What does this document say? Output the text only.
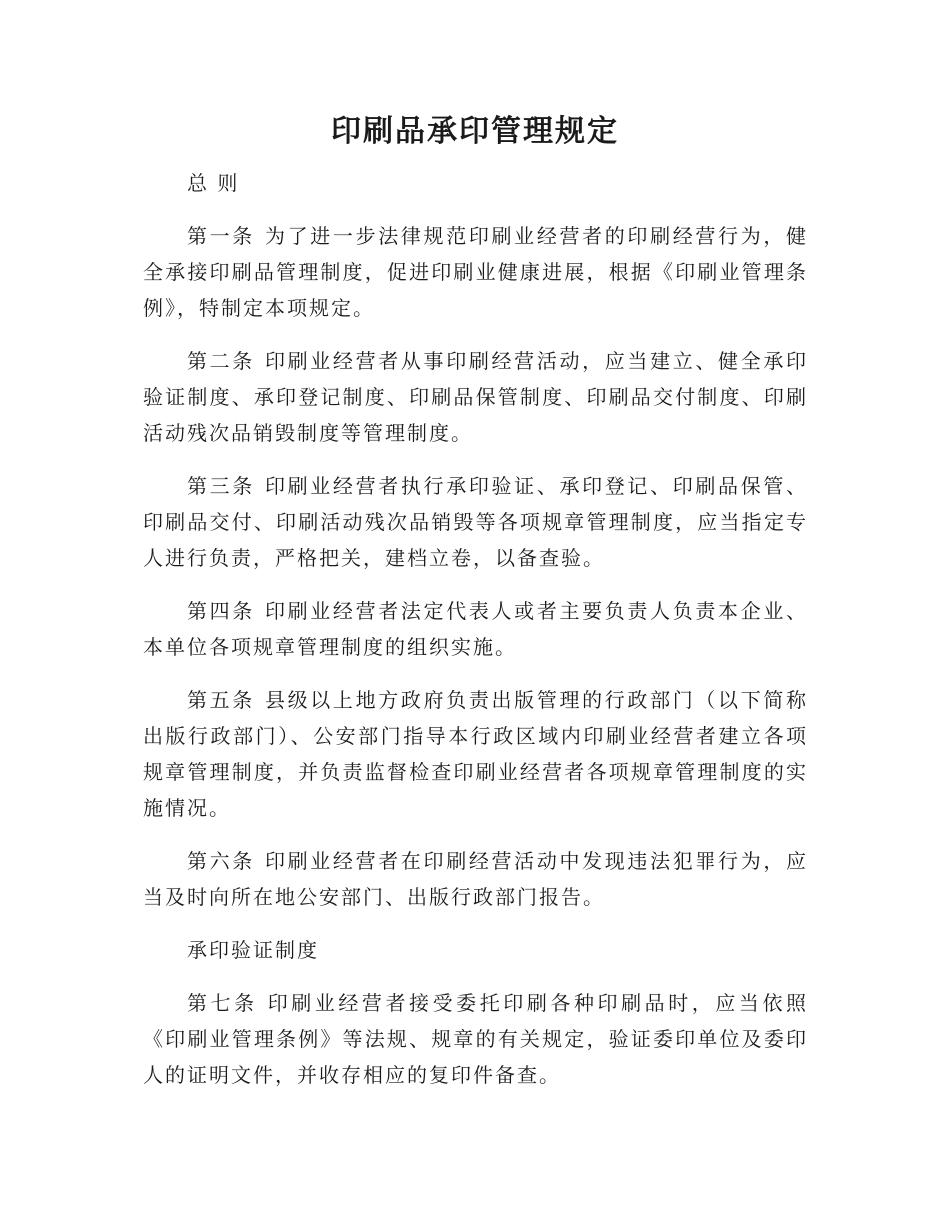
印刷品承印管理规定

总 则

第一条 为了进一步法律规范印刷业经营者的印刷经营行为，健全承接印刷品管理制度，促进印刷业健康进展，根据《印刷业管理条例》，特制定本项规定。

第二条 印刷业经营者从事印刷经营活动，应当建立、健全承印验证制度、承印登记制度、印刷品保管制度、印刷品交付制度、印刷活动残次品销毁制度等管理制度。

第三条 印刷业经营者执行承印验证、承印登记、印刷品保管、印刷品交付、印刷活动残次品销毁等各项规章管理制度，应当指定专人进行负责，严格把关，建档立卷，以备查验。

第四条 印刷业经营者法定代表人或者主要负责人负责本企业、本单位各项规章管理制度的组织实施。

第五条 县级以上地方政府负责出版管理的行政部门（以下简称出版行政部门）、公安部门指导本行政区域内印刷业经营者建立各项规章管理制度，并负责监督检查印刷业经营者各项规章管理制度的实施情况。

第六条 印刷业经营者在印刷经营活动中发现违法犯罪行为，应当及时向所在地公安部门、出版行政部门报告。

承印验证制度

第七条 印刷业经营者接受委托印刷各种印刷品时，应当依照《印刷业管理条例》等法规、规章的有关规定，验证委印单位及委印人的证明文件，并收存相应的复印件备查。
